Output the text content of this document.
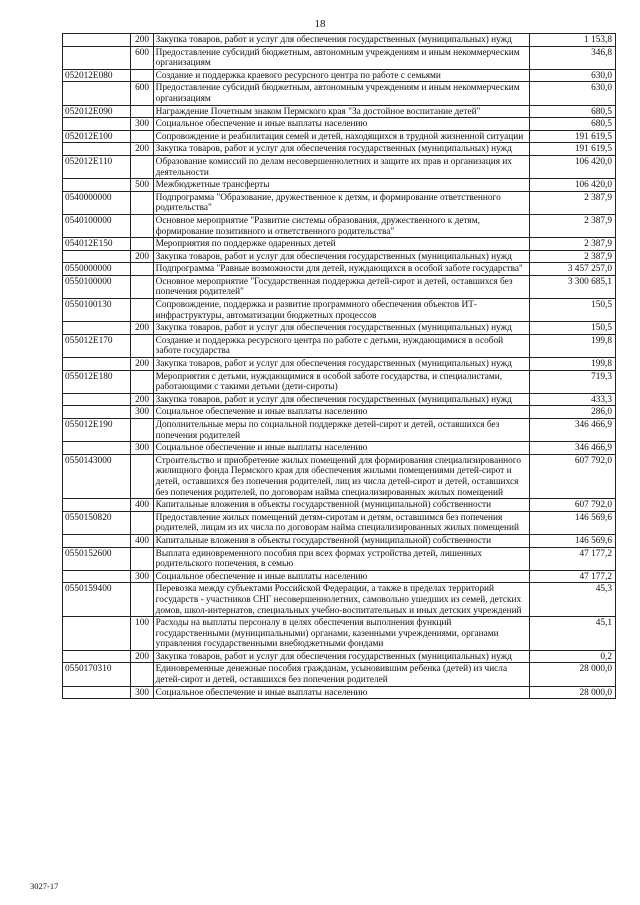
18
	200	Закупка товаров, работ и услуг для обеспечения государственных (муниципальных) нужд	1 153,8
	600	Предоставление субсидий бюджетным, автономным учреждениям и иным некоммерческим организациям	346,8
052012Е080		Создание и поддержка краевого ресурсного центра по работе с семьями	630,0
	600	Предоставление субсидий бюджетным, автономным учреждениям и иным некоммерческим организациям	630,0
052012Е090		Награждение Почетным знаком Пермского края "За достойное воспитание детей"	680,5
	300	Социальное обеспечение и иные выплаты населению	680,5
052012Е100		Сопровождение и реабилитация семей и детей, находящихся в трудной жизненной ситуации	191 619,5
	200	Закупка товаров, работ и услуг для обеспечения государственных (муниципальных) нужд	191 619,5
052012Е110		Образование комиссий по делам несовершеннолетних и защите их прав и организация их деятельности	106 420,0
	500	Межбюджетные трансферты	106 420,0
0540000000		Подпрограмма "Образование, дружественное к детям, и формирование ответственного родительства"	2 387,9
0540100000		Основное мероприятие "Развитие системы образования, дружественного к детям, формирование позитивного и ответственного родительства"	2 387,9
054012Е150		Мероприятия по поддержке одаренных детей	2 387,9
	200	Закупка товаров, работ и услуг для обеспечения государственных (муниципальных) нужд	2 387,9
0550000000		Подпрограмма "Равные возможности для детей, нуждающихся в особой заботе государства"	3 457 257,0
0550100000		Основное мероприятие "Государственная поддержка детей-сирот и детей, оставшихся без попечения родителей"	3 300 685,1
0550100130		Сопровождение, поддержка и развитие программного обеспечения объектов ИТ-инфраструктуры, автоматизации бюджетных процессов	150,5
	200	Закупка товаров, работ и услуг для обеспечения государственных (муниципальных) нужд	150,5
055012Е170		Создание и поддержка ресурсного центра по работе с детьми, нуждающимися в особой заботе государства	199,8
	200	Закупка товаров, работ и услуг для обеспечения государственных (муниципальных) нужд	199,8
055012Е180		Мероприятия с детьми, нуждающимися в особой заботе государства, и специалистами, работающими с такими детьми (дети-сироты)	719,3
	200	Закупка товаров, работ и услуг для обеспечения государственных (муниципальных) нужд	433,3
	300	Социальное обеспечение и иные выплаты населению	286,0
055012Е190		Дополнительные меры по социальной поддержке детей-сирот и детей, оставшихся без попечения родителей	346 466,9
	300	Социальное обеспечение и иные выплаты населению	346 466,9
0550143000		Строительство и приобретение жилых помещений для формирования специализированного жилищного фонда Пермского края для обеспечения жилыми помещениями детей-сирот и детей, оставшихся без попечения родителей, лиц из числа детей-сирот и детей, оставшихся без попечения родителей, по договорам найма специализированных жилых помещений	607 792,0
	400	Капитальные вложения в объекты государственной (муниципальной) собственности	607 792,0
0550150820		Предоставление жилых помещений детям-сиротам и детям, оставшимся без попечения родителей, лицам из их числа по договорам найма специализированных жилых помещений	146 569,6
	400	Капитальные вложения в объекты государственной (муниципальной) собственности	146 569,6
0550152600		Выплата единовременного пособия при всех формах устройства детей, лишенных родительского попечения, в семью	47 177,2
	300	Социальное обеспечение и иные выплаты населению	47 177,2
0550159400		Перевозка между субъектами Российской Федерации, а также в пределах территорий государств - участников СНГ несовершеннолетних, самовольно ушедших из семей, детских домов, школ-интернатов, специальных учебно-воспитательных и иных детских учреждений	45,3
	100	Расходы на выплаты персоналу в целях обеспечения выполнения функций государственными (муниципальными) органами, казенными учреждениями, органами управления государственными внебюджетными фондами	45,1
	200	Закупка товаров, работ и услуг для обеспечения государственных (муниципальных) нужд	0,2
0550170310		Единовременные денежные пособия гражданам, усыновившим ребенка (детей) из числа детей-сирот и детей, оставшихся без попечения родителей	28 000,0
	300	Социальное обеспечение и иные выплаты населению	28 000,0
3027-17
